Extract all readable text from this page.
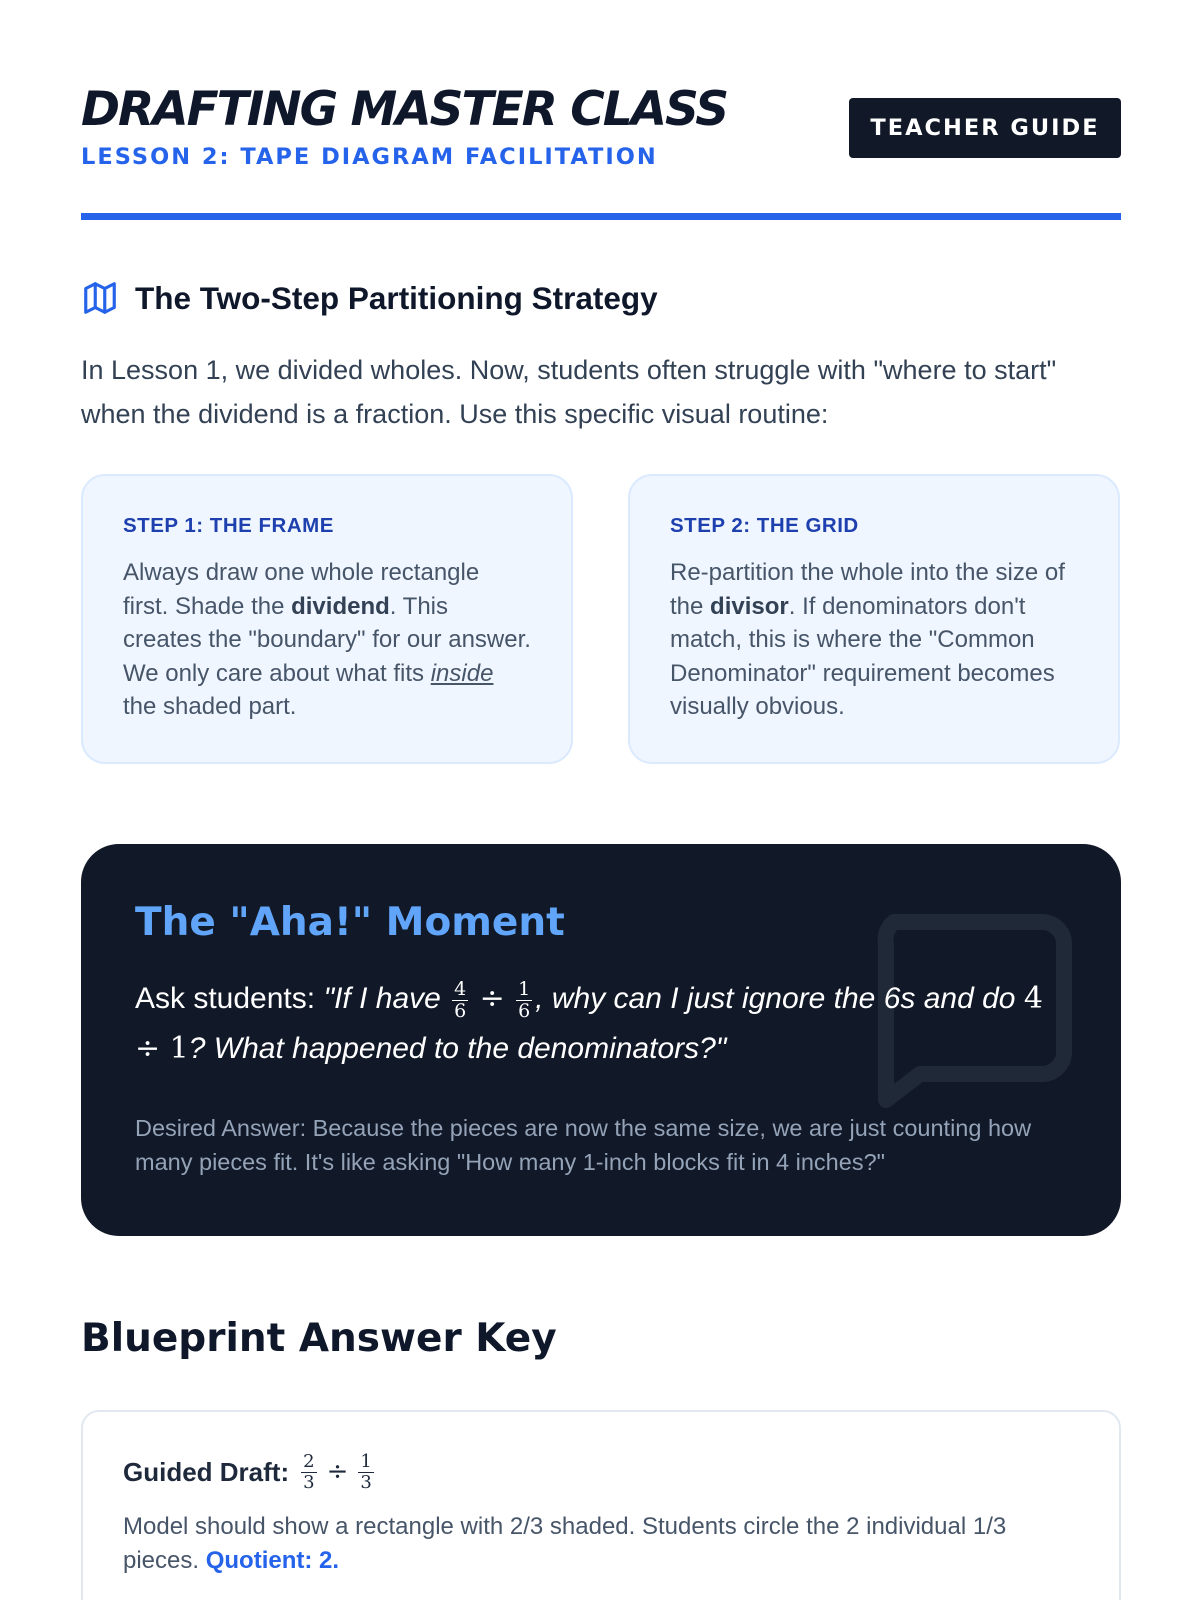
DRAFTING MASTER CLASS
LESSON 2: TAPE DIAGRAM FACILITATION
TEACHER GUIDE
The Two-Step Partitioning Strategy

In Lesson 1, we divided wholes. Now, students often struggle with "where to start" when the dividend is a fraction. Use this specific visual routine:

STEP 1: THE FRAME

Always draw one whole rectangle first. Shade the dividend. This creates the "boundary" for our answer. We only care about what fits inside the shaded part.

STEP 2: THE GRID

Re-partition the whole into the size of the divisor. If denominators don't match, this is where the "Common Denominator" requirement becomes visually obvious.

The "Aha!" Moment

Ask students: "If I have $\frac{4}{6} \div \frac{1}{6}$ , why can I just ignore the 6s and do 4 ÷ 1? What happened to the denominators?"

Desired Answer: Because the pieces are now the same size, we are just counting how many pieces fit. It's like asking "How many 1-inch blocks fit in 4 inches?"

Blueprint Answer Key
Guided Draft: $\frac{2}{3} \div \frac{1}{3}$

Model should show a rectangle with 2/3 shaded. Students circle the 2 individual 1/3 pieces. Quotient: 2.
